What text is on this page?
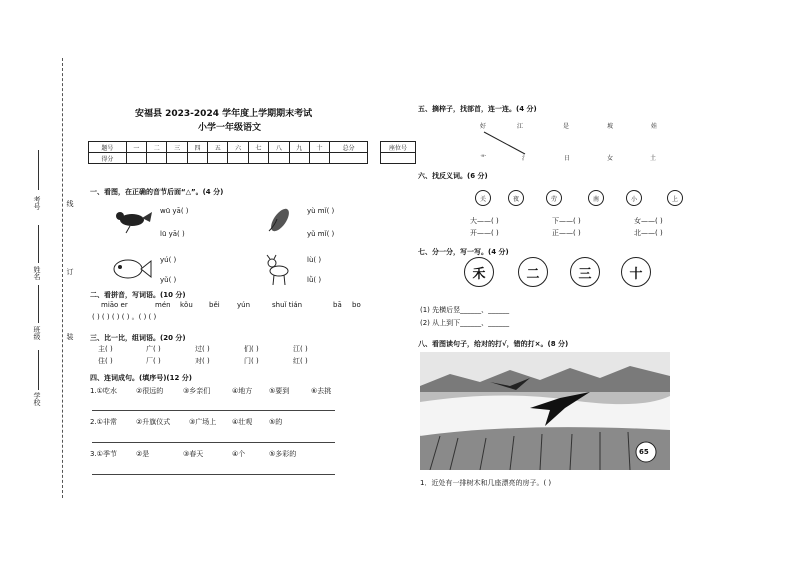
考号	线
姓名	订
班级	装
学校
安福县 2023-2024 学年度上学期期末考试
小学一年级语文
题号	一	二	三	四	五	六	七	八	九	十	总分
得分											
座位号

一、看图，在正确的音节后面“△”。(4 分)
wū yā( )
lū yā( )
yù mǐ( )
yǔ mǐ( )
yú( )
yǔ( )
lù( )
lǜ( )
二、看拼音，写词语。(10 分)
miāo er	mén kǒu běi yún	shuǐ tián	bā bo
( ) ( ) ( ) ( ) 。( ) ( )
三、比一比，组词语。(20 分)
主( )	广( )	过( )	们( )	江( )
住( )	厂( )	对( )	门( )	红( )
四、连词成句。(填序号)(12 分)
1.①吃水	②很远的	③乡亲们	④地方 ⑤要到	⑥去挑
2.①非常	②升旗仪式	③广场上 ④壮观 ⑤的
3.①季节	②是	③春天	④个	⑤多彩的
五、摘梓子，找部首，连一连。(4 分)
好	江	是	坡	娃
艹	氵	日	女	土
六、找反义词。(6 分)
关	夜	劳	南	小	上
大——( )	下——( )	女——( )
开——( )	正——( )	北——( )
七、分一分，写一写。(4 分)
禾	二	三	十
(1) 先横后竖______、______
(2) 从上到下______、______
八、看图读句子，给对的打√，错的打×。(8 分)
65
1．近处有一排树木和几座漂亮的房子。( )
